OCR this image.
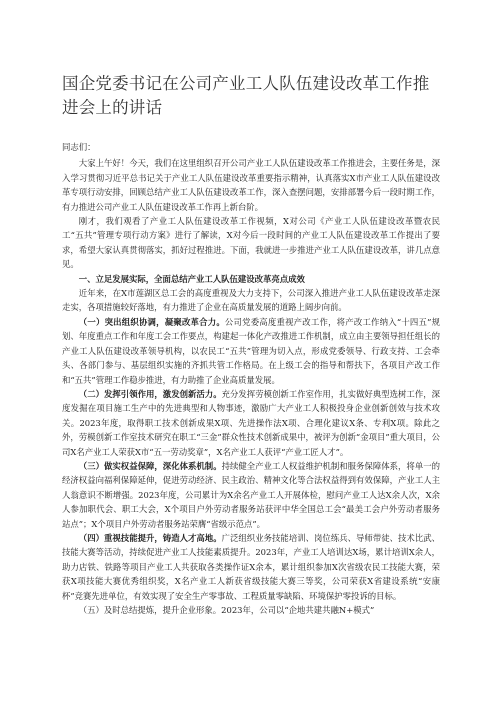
国企党委书记在公司产业工人队伍建设改革工作推进会上的讲话

同志们：

大家上午好！今天，我们在这里组织召开公司产业工人队伍建设改革工作推进会，主要任务是，深入学习贯彻习近平总书记关于产业工人队伍建设改革重要指示精神，认真落实X市产业工人队伍建设改革专项行动安排，回顾总结产业工人队伍建设改革工作，深入查摆问题，安排部署今后一段时期工作，有力推进公司产业工人队伍建设改革工作再上新台阶。

刚才，我们观看了产业工人队伍建设改革工作视频，X对公司《产业工人队伍建设改革暨农民工“五共”管理专项行动方案》进行了解读，X对今后一段时间的产业工人队伍建设改革工作提出了要求，希望大家认真贯彻落实，抓好过程推进。下面，我就进一步推进产业工人队伍建设改革，讲几点意见。

一、立足发展实际，全面总结产业工人队伍建设改革亮点成效

近年来，在X市莲湖区总工会的高度重视及大力支持下，公司深入推进产业工人队伍建设改革走深走实，各项措施较好落地，有力推进了企业在高质量发展的道路上阔步向前。

（一）突出组织协调，凝聚改革合力。公司党委高度重视产改工作，将产改工作纳入“十四五”规划、年度重点工作和年度工会工作要点，构建起一体化产改推进工作机制，成立由主要领导担任组长的产业工人队伍建设改革领导机构，以农民工“五共”管理为切入点，形成党委领导、行政支持、工会牵头、各部门参与、基层组织实施的齐抓共管工作格局。在上级工会的指导和帮扶下，各项目产改工作和“五共”管理工作稳步推进，有力助推了企业高质量发展。

（二）发挥引领作用，激发创新活力。充分发挥劳模创新工作室作用，扎实做好典型选树工作，深度发掘在项目施工生产中的先进典型和人物事迹，激励广大产业工人积极投身企业创新创效与技术攻关。2023年度，取得职工技术创新成果X项、先进操作法X项、合理化建议X条、专利X项。除此之外，劳模创新工作室技术研究在职工“三金”群众性技术创新成果中，被评为创新“金项目”重大项目，公司X名产业工人荣获X市“五一劳动奖章”，X名产业工人获评“产业工匠人才”。

（三）做实权益保障，深化体系机制。持续健全产业工人权益维护机制和服务保障体系，将单一的经济权益向福利保障延伸，促进劳动经济、民主政治、精神文化等合法权益得到有效保障，产业工人主人翁意识不断增强。2023年度，公司累计为X余名产业工人开展体检，慰问产业工人达X余人次，X余人参加职代会、职工大会，X个项目户外劳动者服务站获评中华全国总工会“最美工会户外劳动者服务站点”；X个项目户外劳动者服务站荣膺“省级示范点”。

（四）重视技能提升，铸造人才高地。广泛组织业务技能培训、岗位练兵、导师带徒、技术比武、技能大赛等活动，持续促进产业工人技能素质提升。2023年，产业工人培训达X场，累计培训X余人，助力店铁、铁路等项目产业工人共获取各类操作证X余本，累计组织参加X次省级农民工技能大赛，荣获X项技能大赛优秀组织奖，X名产业工人新获省级技能大赛三等奖，公司荣获X省建设系统“安康杯”竞赛先进单位，有效实现了安全生产零事故、工程质量零缺陷、环境保护零投诉的目标。

（五）及时总结提炼，提升企业形象。2023年，公司以“企地共建共融N+模式”
